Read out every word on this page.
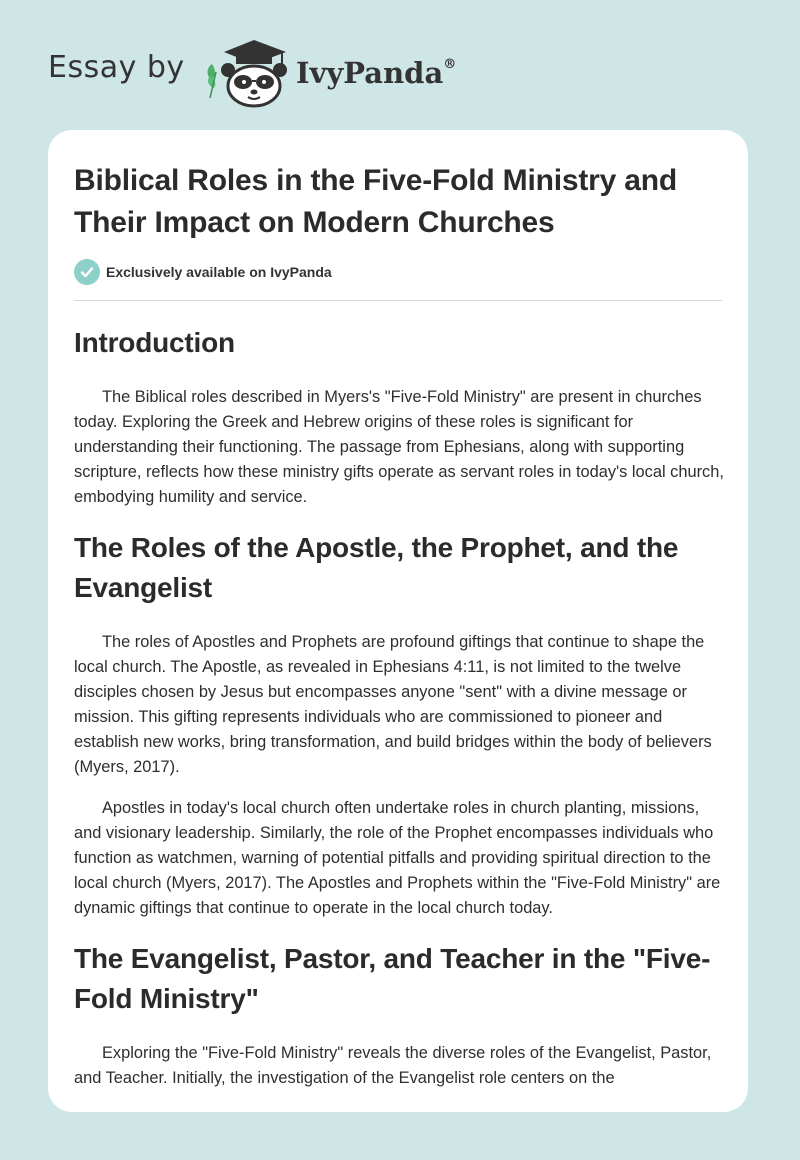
Essay by	IvyPanda®
Biblical Roles in the Five-Fold Ministry and Their Impact on Modern Churches
Exclusively available on IvyPanda
Introduction

The Biblical roles described in Myers's "Five-Fold Ministry" are present in churches today. Exploring the Greek and Hebrew origins of these roles is significant for understanding their functioning. The passage from Ephesians, along with supporting scripture, reflects how these ministry gifts operate as servant roles in today's local church, embodying humility and service.

The Roles of the Apostle, the Prophet, and the Evangelist

The roles of Apostles and Prophets are profound giftings that continue to shape the local church. The Apostle, as revealed in Ephesians 4:11, is not limited to the twelve disciples chosen by Jesus but encompasses anyone "sent" with a divine message or mission. This gifting represents individuals who are commissioned to pioneer and establish new works, bring transformation, and build bridges within the body of believers (Myers, 2017).

Apostles in today's local church often undertake roles in church planting, missions, and visionary leadership. Similarly, the role of the Prophet encompasses individuals who function as watchmen, warning of potential pitfalls and providing spiritual direction to the local church (Myers, 2017). The Apostles and Prophets within the "Five-Fold Ministry" are dynamic giftings that continue to operate in the local church today.

The Evangelist, Pastor, and Teacher in the "Five-Fold Ministry"

Exploring the "Five-Fold Ministry" reveals the diverse roles of the Evangelist, Pastor, and Teacher. Initially, the investigation of the Evangelist role centers on the
